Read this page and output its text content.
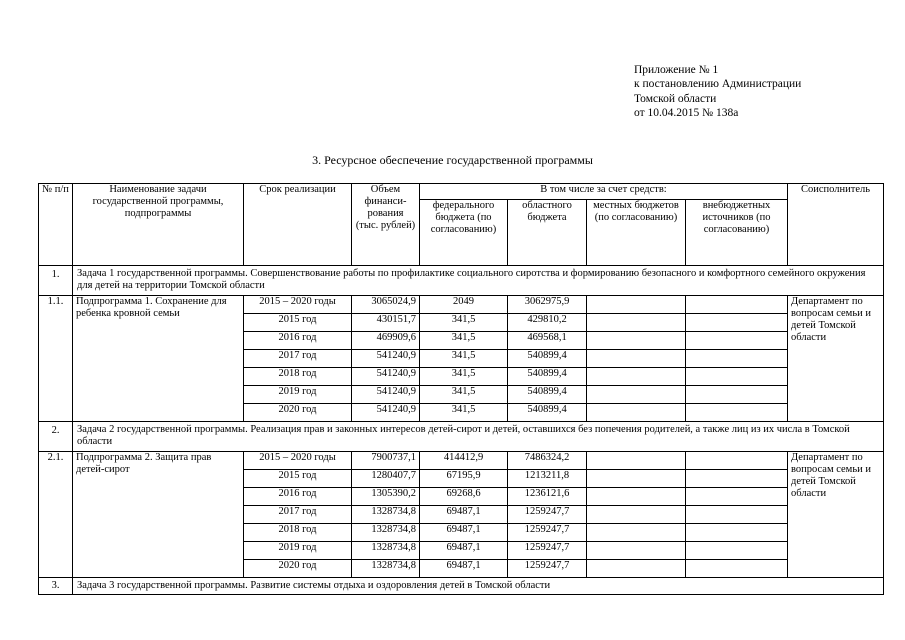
Приложение № 1
к постановлению Администрации
Томской области
от 10.04.2015 № 138а
3. Ресурсное обеспечение государственной программы
№ п/п	Наименование задачи государственной программы, подпрограммы	Срок реализации	Объем финанси-рования (тыс. рублей)	В том числе за счет средств:				Соисполнитель
				федерального бюджета (по согласованию)	областного бюджета	местных бюджетов (по согласованию)	внебюджетных источников (по согласованию)	
1.	Задача 1 государственной программы. Совершенствование работы по профилактике социального сиротства и формированию безопасного и комфортного семейного окружения для детей на территории Томской области							
1.1.	Подпрограмма 1. Сохранение для ребенка кровной семьи	2015 – 2020 годы	3065024,9	2049	3062975,9			Департамент по вопросам семьи и детей Томской области
		2015 год	430151,7	341,5	429810,2			
		2016 год	469909,6	341,5	469568,1			
		2017 год	541240,9	341,5	540899,4			
		2018 год	541240,9	341,5	540899,4			
		2019 год	541240,9	341,5	540899,4			
		2020 год	541240,9	341,5	540899,4			
2.	Задача 2 государственной программы. Реализация прав и законных интересов детей-сирот и детей, оставшихся без попечения родителей, а также лиц из их числа в Томской области							
2.1.	Подпрограмма 2. Защита прав детей-сирот	2015 – 2020 годы	7900737,1	414412,9	7486324,2			Департамент по вопросам семьи и детей Томской области
		2015 год	1280407,7	67195,9	1213211,8			
		2016 год	1305390,2	69268,6	1236121,6			
		2017 год	1328734,8	69487,1	1259247,7			
		2018 год	1328734,8	69487,1	1259247,7			
		2019 год	1328734,8	69487,1	1259247,7			
		2020 год	1328734,8	69487,1	1259247,7			
3.	Задача 3 государственной программы. Развитие системы отдыха и оздоровления детей в Томской области							
